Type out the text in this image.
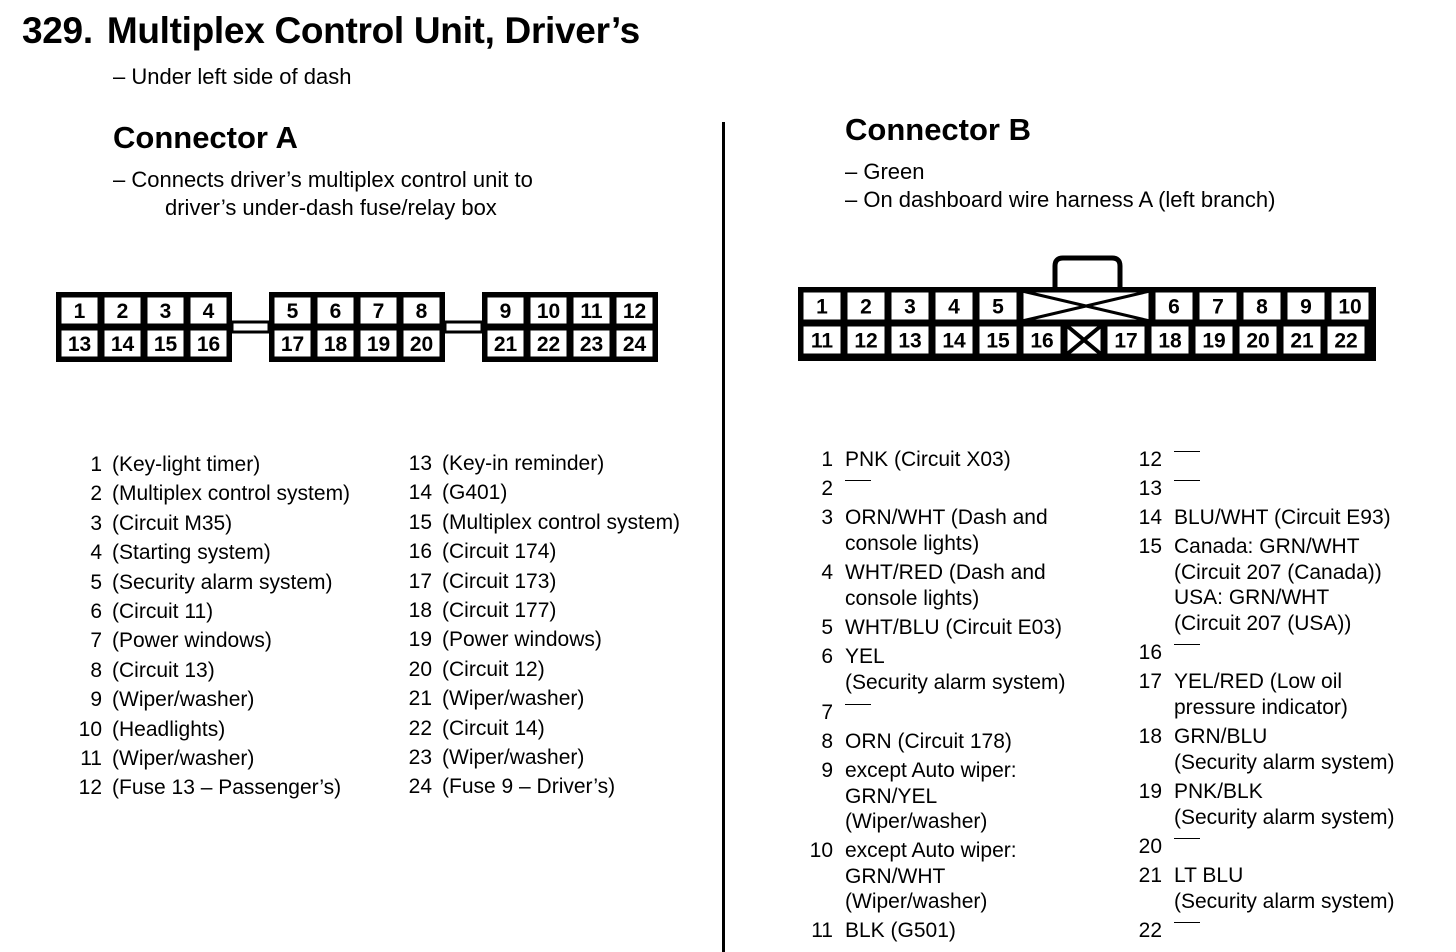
329. Multiplex Control Unit, Driver’s
– Under left side of dash
Connector A
– Connects driver’s multiplex control unit to
driver’s under-dash fuse/relay box
Connector B
– Green
– On dashboard wire harness A (left branch)
1
13
2
14
3
15
4
16
5
17
6
18
7
19
8
20
9
21
10
22
11
23
12
24
1 2 3 4 5	6 7 8 9 10
11 12 13 14 15 16	17 18 19 20 21 22
1 (Key-light timer)
2 (Multiplex control system)
3 (Circuit M35)
4 (Starting system)
5 (Security alarm system)
6 (Circuit 11)
7 (Power windows)
8 (Circuit 13)
9 (Wiper/washer)
10 (Headlights)
11 (Wiper/washer)
12 (Fuse 13 – Passenger’s)
13 (Key-in reminder)
14 (G401)
15 (Multiplex control system)
16 (Circuit 174)
17 (Circuit 173)
18 (Circuit 177)
19 (Power windows)
20 (Circuit 12)
21 (Wiper/washer)
22 (Circuit 14)
23 (Wiper/washer)
24 (Fuse 9 – Driver’s)
1 PNK (Circuit X03)
2
3 ORN/WHT (Dash and
console lights)
4 WHT/RED (Dash and
console lights)
5 WHT/BLU (Circuit E03)
6 YEL
(Security alarm system)
7
8 ORN (Circuit 178)
9 except Auto wiper:
GRN/YEL
(Wiper/washer)
10 except Auto wiper:
GRN/WHT
(Wiper/washer)
11 BLK (G501)
12
13
14 BLU/WHT (Circuit E93)
15 Canada: GRN/WHT
(Circuit 207 (Canada))
USA: GRN/WHT
(Circuit 207 (USA))
16
17 YEL/RED (Low oil
pressure indicator)
18 GRN/BLU
(Security alarm system)
19 PNK/BLK
(Security alarm system)
20
21 LT BLU
(Security alarm system)
22
